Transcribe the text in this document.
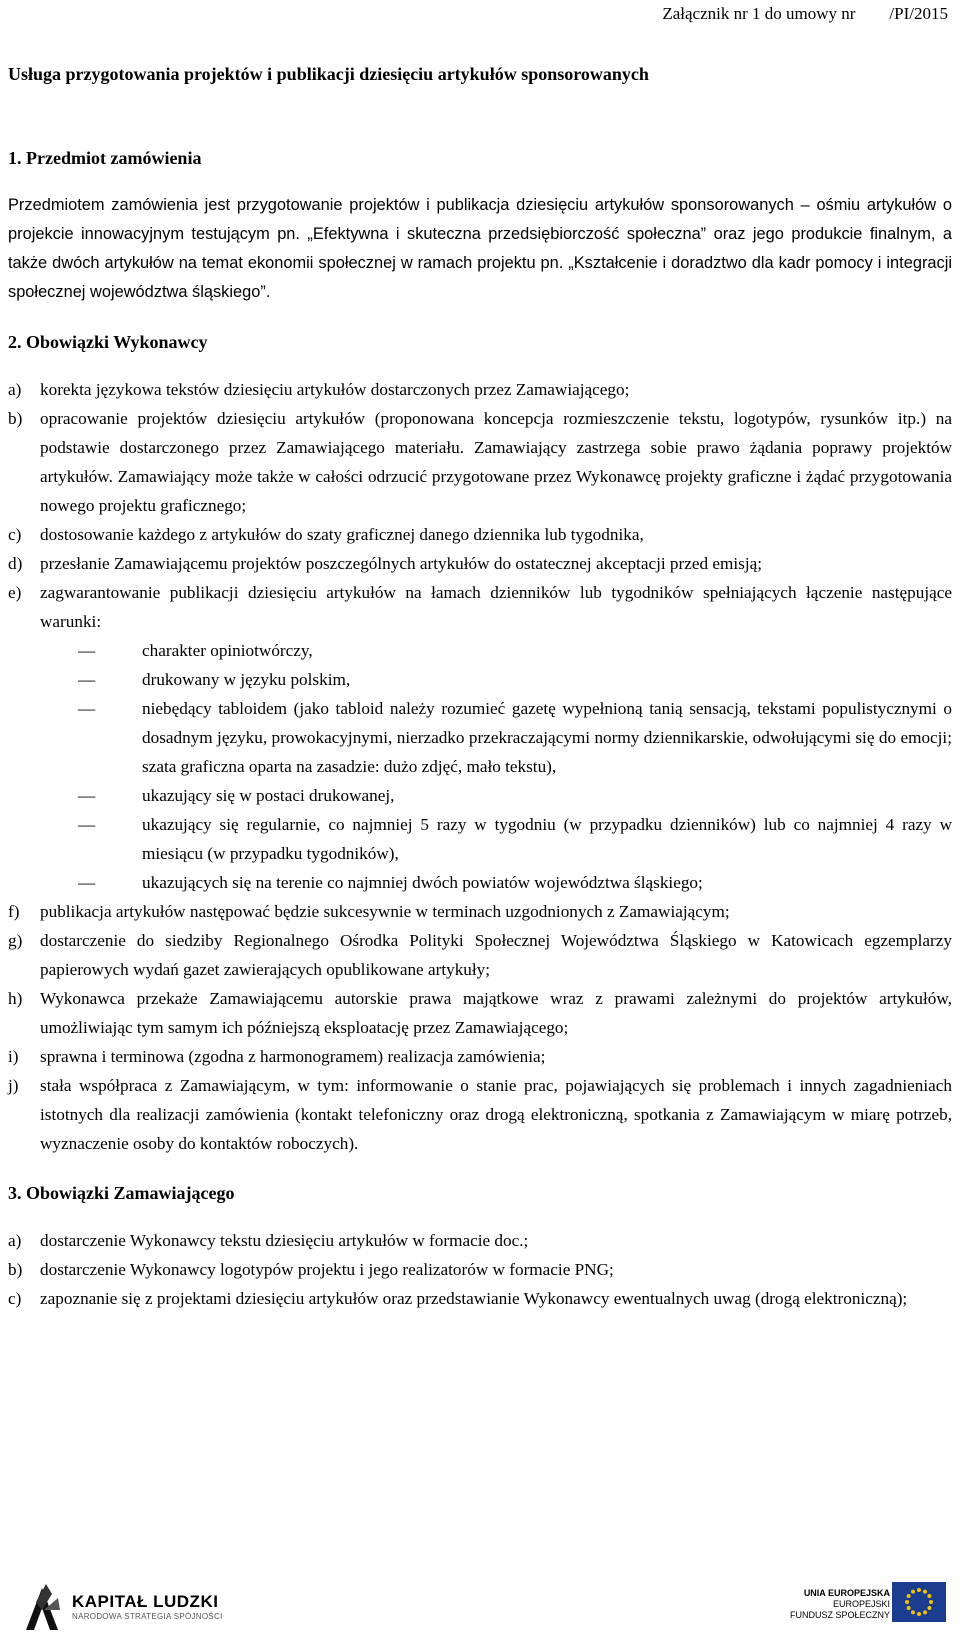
Załącznik nr 1 do umowy nr        /PI/2015
Usługa przygotowania projektów i publikacji dziesięciu artykułów sponsorowanych
1. Przedmiot zamówienia
Przedmiotem zamówienia jest przygotowanie projektów i publikacja dziesięciu artykułów sponsorowanych – ośmiu artykułów o projekcie innowacyjnym testującym pn. „Efektywna i skuteczna przedsiębiorczość społeczna” oraz jego produkcie finalnym, a także dwóch artykułów na temat ekonomii społecznej w ramach projektu pn. „Kształcenie i doradztwo dla kadr pomocy i integracji społecznej województwa śląskiego”.
2. Obowiązki Wykonawcy
a) korekta językowa tekstów dziesięciu artykułów dostarczonych przez Zamawiającego;
b) opracowanie projektów dziesięciu artykułów (proponowana koncepcja rozmieszczenie tekstu, logotypów, rysunków itp.) na podstawie dostarczonego przez Zamawiającego materiału. Zamawiający zastrzega sobie prawo żądania poprawy projektów artykułów. Zamawiający może także w całości odrzucić przygotowane przez Wykonawcę projekty graficzne i żądać przygotowania nowego projektu graficznego;
c) dostosowanie każdego z artykułów do szaty graficznej danego dziennika lub tygodnika,
d) przesłanie Zamawiającemu projektów poszczególnych artykułów do ostatecznej akceptacji przed emisją;
e) zagwarantowanie publikacji dziesięciu artykułów na łamach dzienników lub tygodników spełniających łączenie następujące warunki:
—	charakter opiniotwórczy,
—	drukowany w języku polskim,
—	niebędący tabloidem (jako tabloid należy rozumieć gazetę wypełnioną tanią sensacją, tekstami populistycznymi o dosadnym języku, prowokacyjnymi, nierzadko przekraczającymi normy dziennikarskie, odwołującymi się do emocji; szata graficzna oparta na zasadzie: dużo zdjęć, mało tekstu),
—	ukazujący się w postaci drukowanej,
—	ukazujący się regularnie, co najmniej 5 razy w tygodniu (w przypadku dzienników) lub co najmniej 4 razy w miesiącu (w przypadku tygodników),
—	ukazujących się na terenie co najmniej dwóch powiatów województwa śląskiego;
f) publikacja artykułów następować będzie sukcesywnie w terminach uzgodnionych z Zamawiającym;
g) dostarczenie do siedziby Regionalnego Ośrodka Polityki Społecznej Województwa Śląskiego w Katowicach egzemplarzy papierowych wydań gazet zawierających opublikowane artykuły;
h) Wykonawca przekaże Zamawiającemu autorskie prawa majątkowe wraz z prawami zależnymi do projektów artykułów, umożliwiając tym samym ich późniejszą eksploatację przez Zamawiającego;
i) sprawna i terminowa (zgodna z harmonogramem) realizacja zamówienia;
j) stała współpraca z Zamawiającym, w tym: informowanie o stanie prac, pojawiających się problemach i innych zagadnieniach istotnych dla realizacji zamówienia (kontakt telefoniczny oraz drogą elektroniczną, spotkania z Zamawiającym w miarę potrzeb, wyznaczenie osoby do kontaktów roboczych).
3. Obowiązki Zamawiającego
a) dostarczenie Wykonawcy tekstu dziesięciu artykułów w formacie doc.;
b) dostarczenie Wykonawcy logotypów projektu i jego realizatorów w formacie PNG;
c) zapoznanie się z projektami dziesięciu artykułów oraz przedstawianie Wykonawcy ewentualnych uwag (drogą elektroniczną);
KAPITAŁ LUDZKI
NARODOWA STRATEGIA SPÓJNOŚCI
UNIA EUROPEJSKA
EUROPEJSKI
FUNDUSZ SPOŁECZNY
